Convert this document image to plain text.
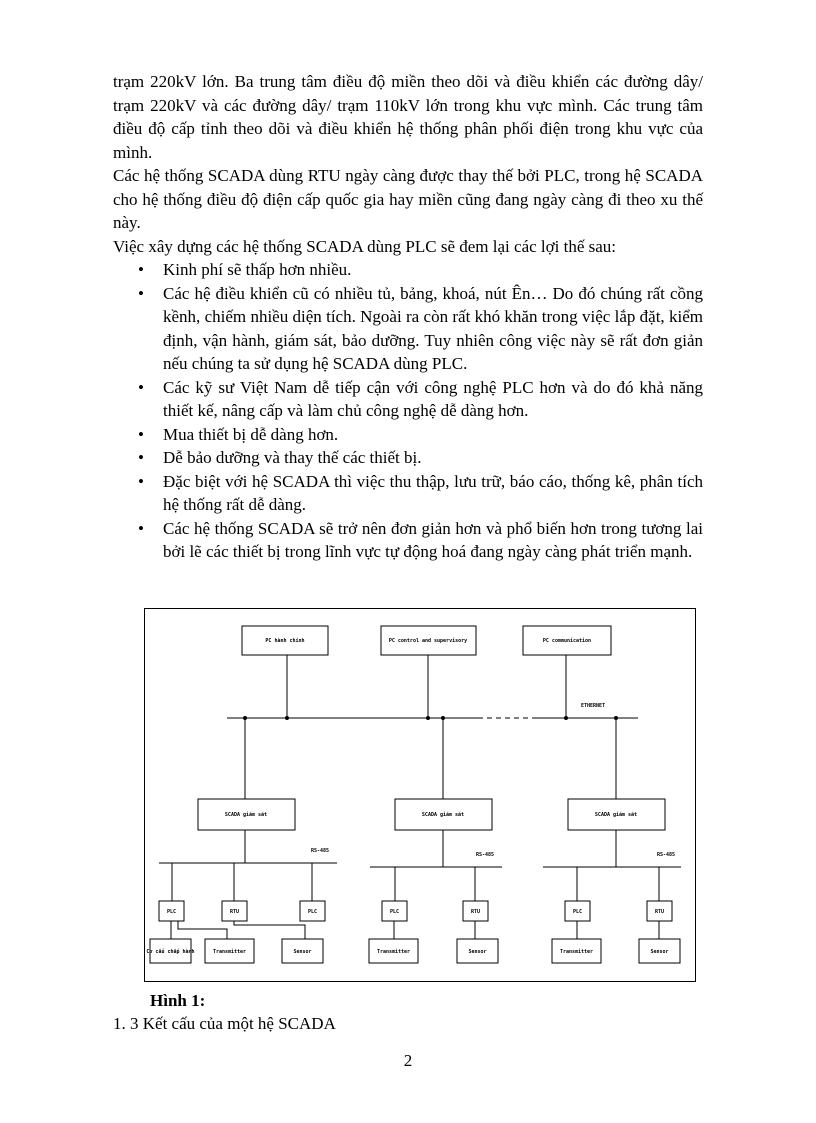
trạm 220kV lớn. Ba trung tâm điều độ miền theo dõi và điều khiển các đường dây/ trạm 220kV và các đường dây/ trạm 110kV lớn trong khu vực mình. Các trung tâm điều độ cấp tỉnh theo dõi và điều khiển hệ thống phân phối điện trong khu vực của mình.

Các hệ thống SCADA dùng RTU ngày càng được thay thế bởi PLC, trong hệ SCADA cho hệ thống điều độ điện cấp quốc gia hay miền cũng đang ngày càng đi theo xu thế này.

Việc xây dựng các hệ thống SCADA dùng PLC sẽ đem lại các lợi thế sau:

• Kinh phí sẽ thấp hơn nhiều.
• Các hệ điều khiển cũ có nhiều tủ, bảng, khoá, nút Ên… Do đó chúng rất cồng kềnh, chiếm nhiều diện tích. Ngoài ra còn rất khó khăn trong việc lắp đặt, kiểm định, vận hành, giám sát, bảo dưỡng. Tuy nhiên công việc này sẽ rất đơn giản nếu chúng ta sử dụng hệ SCADA dùng PLC.
• Các kỹ sư Việt Nam dễ tiếp cận với công nghệ PLC hơn và do đó khả năng thiết kế, nâng cấp và làm chủ công nghệ dễ dàng hơn.
• Mua thiết bị dễ dàng hơn.
• Dễ bảo dưỡng và thay thế các thiết bị.
• Đặc biệt với hệ SCADA thì việc thu thập, lưu trữ, báo cáo, thống kê, phân tích hệ thống rất dễ dàng.
• Các hệ thống SCADA sẽ trở nên đơn giản hơn và phổ biến hơn trong tương lai bởi lẽ các thiết bị trong lĩnh vực tự động hoá đang ngày càng phát triển mạnh.
PC hành chính	PC control and supervisory	PC communication
ETHERNET
SCADA giám sát	SCADA giám sát	SCADA giám sát
RS-485
RS-485	RS-485
PLC	RTU	PLC	PLC	RTU	PLC	RTU
Cơ cấu chấp hành	Transmitter	Sensor	Transmitter	Sensor	Transmitter	Sensor
Hình 1:
1. 3 Kết cấu của một hệ SCADA
2
